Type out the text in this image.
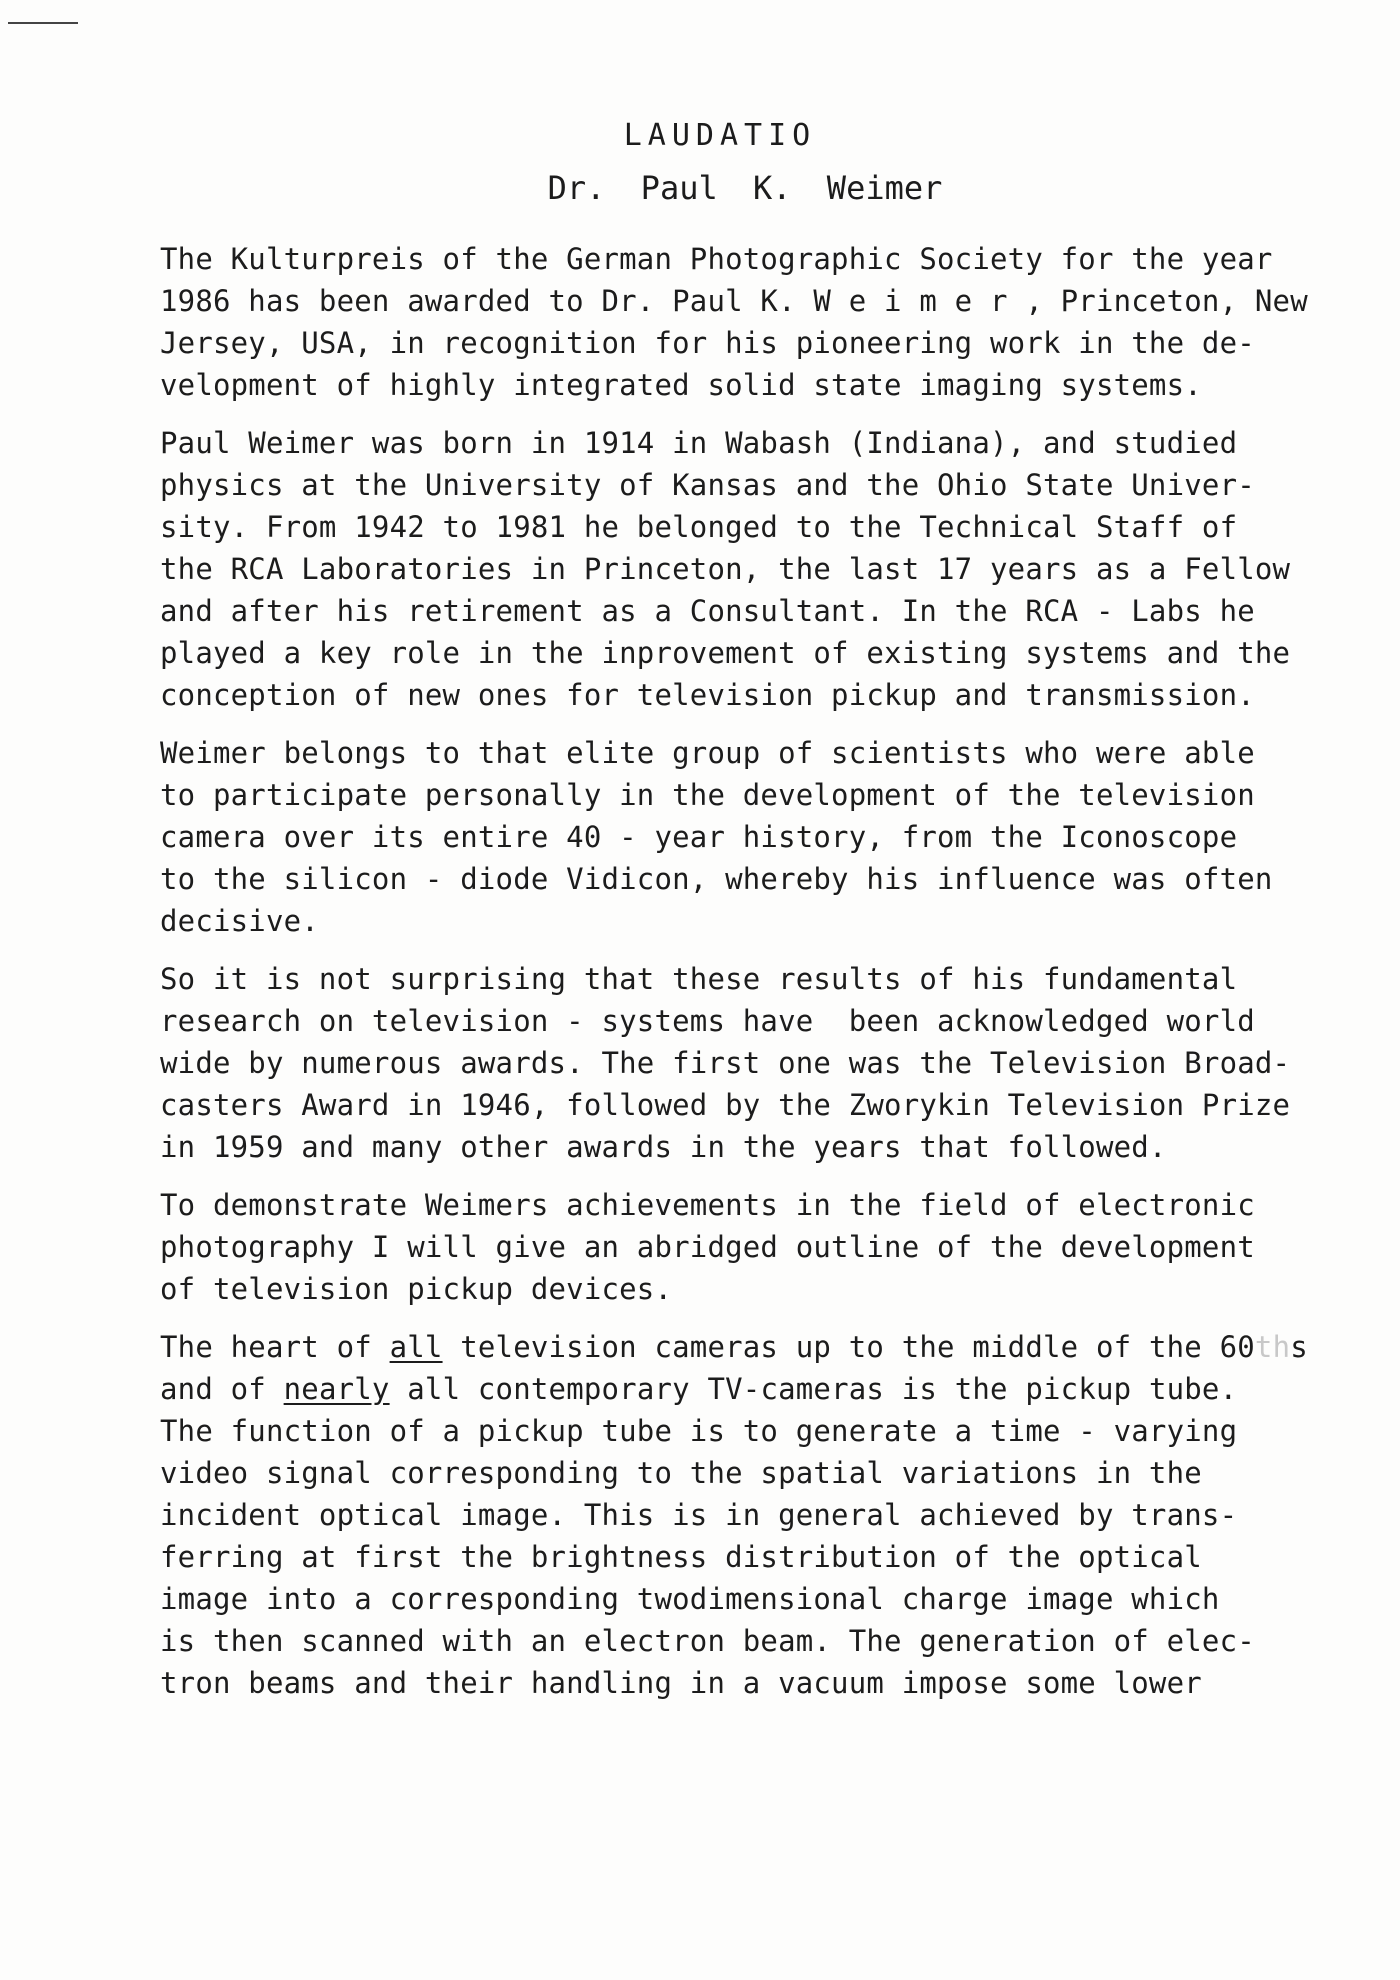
LAUDATIO
Dr. Paul K. Weimer
The Kulturpreis of the German Photographic Society for the year
1986 has been awarded to Dr. Paul K. W e i m e r , Princeton, New
Jersey, USA, in recognition for his pioneering work in the de-
velopment of highly integrated solid state imaging systems.
Paul Weimer was born in 1914 in Wabash (Indiana), and studied
physics at the University of Kansas and the Ohio State Univer-
sity. From 1942 to 1981 he belonged to the Technical Staff of
the RCA Laboratories in Princeton, the last 17 years as a Fellow
and after his retirement as a Consultant. In the RCA - Labs he
played a key role in the inprovement of existing systems and the
conception of new ones for television pickup and transmission.
Weimer belongs to that elite group of scientists who were able
to participate personally in the development of the television
camera over its entire 40 - year history, from the Iconoscope
to the silicon - diode Vidicon, whereby his influence was often
decisive.
So it is not surprising that these results of his fundamental
research on television - systems have  been acknowledged world
wide by numerous awards. The first one was the Television Broad-
casters Award in 1946, followed by the Zworykin Television Prize
in 1959 and many other awards in the years that followed.
To demonstrate Weimers achievements in the field of electronic
photography I will give an abridged outline of the development
of television pickup devices.
The heart of all television cameras up to the middle of the 60ths
and of nearly all contemporary TV-cameras is the pickup tube.
The function of a pickup tube is to generate a time - varying
video signal corresponding to the spatial variations in the
incident optical image. This is in general achieved by trans-
ferring at first the brightness distribution of the optical
image into a corresponding twodimensional charge image which
is then scanned with an electron beam. The generation of elec-
tron beams and their handling in a vacuum impose some lower
